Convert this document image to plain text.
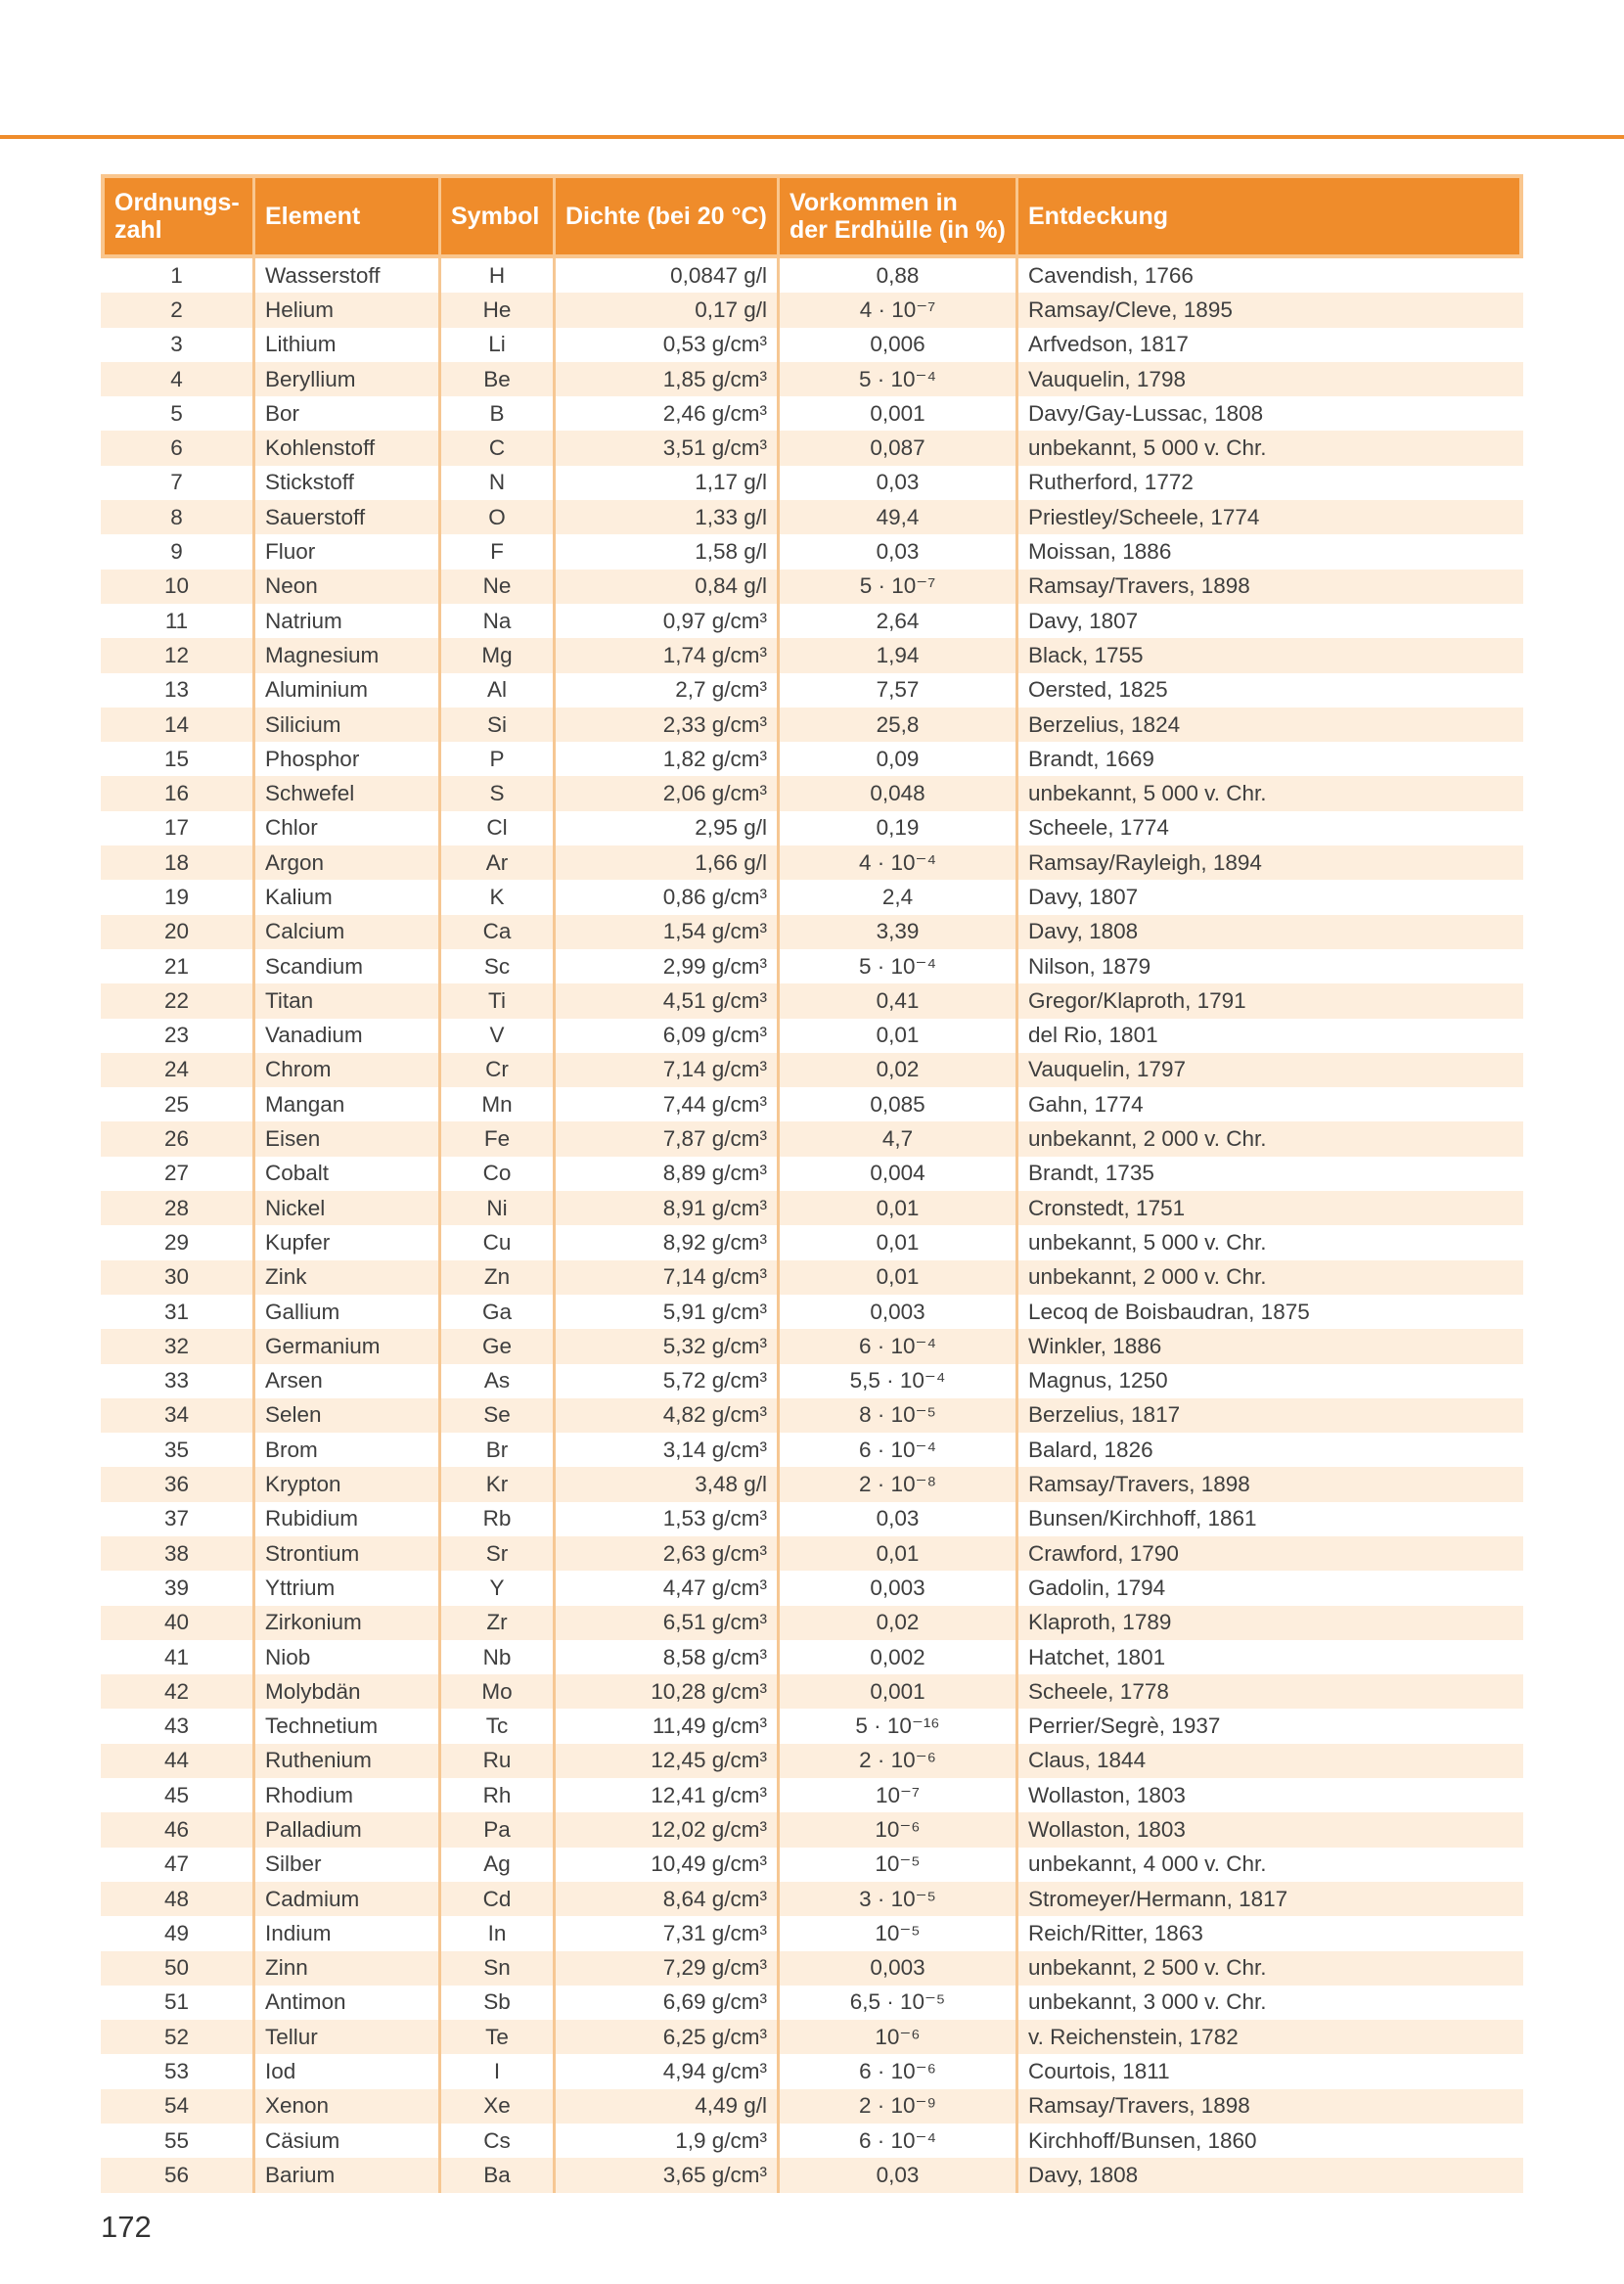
Ordnungs-
zahl	Element	Symbol	Dichte (bei 20 °C)	Vorkommen in
der Erdhülle (in %)	Entdeckung
1	Wasserstoff	H	0,0847 g/l	0,88	Cavendish, 1766
2	Helium	He	0,17 g/l	4 · 10⁻⁷	Ramsay/Cleve, 1895
3	Lithium	Li	0,53 g/cm³	0,006	Arfvedson, 1817
4	Beryllium	Be	1,85 g/cm³	5 · 10⁻⁴	Vauquelin, 1798
5	Bor	B	2,46 g/cm³	0,001	Davy/Gay-Lussac, 1808
6	Kohlenstoff	C	3,51 g/cm³	0,087	unbekannt, 5 000 v. Chr.
7	Stickstoff	N	1,17 g/l	0,03	Rutherford, 1772
8	Sauerstoff	O	1,33 g/l	49,4	Priestley/Scheele, 1774
9	Fluor	F	1,58 g/l	0,03	Moissan, 1886
10	Neon	Ne	0,84 g/l	5 · 10⁻⁷	Ramsay/Travers, 1898
11	Natrium	Na	0,97 g/cm³	2,64	Davy, 1807
12	Magnesium	Mg	1,74 g/cm³	1,94	Black, 1755
13	Aluminium	Al	2,7 g/cm³	7,57	Oersted, 1825
14	Silicium	Si	2,33 g/cm³	25,8	Berzelius, 1824
15	Phosphor	P	1,82 g/cm³	0,09	Brandt, 1669
16	Schwefel	S	2,06 g/cm³	0,048	unbekannt, 5 000 v. Chr.
17	Chlor	Cl	2,95 g/l	0,19	Scheele, 1774
18	Argon	Ar	1,66 g/l	4 · 10⁻⁴	Ramsay/Rayleigh, 1894
19	Kalium	K	0,86 g/cm³	2,4	Davy, 1807
20	Calcium	Ca	1,54 g/cm³	3,39	Davy, 1808
21	Scandium	Sc	2,99 g/cm³	5 · 10⁻⁴	Nilson, 1879
22	Titan	Ti	4,51 g/cm³	0,41	Gregor/Klaproth, 1791
23	Vanadium	V	6,09 g/cm³	0,01	del Rio, 1801
24	Chrom	Cr	7,14 g/cm³	0,02	Vauquelin, 1797
25	Mangan	Mn	7,44 g/cm³	0,085	Gahn, 1774
26	Eisen	Fe	7,87 g/cm³	4,7	unbekannt, 2 000 v. Chr.
27	Cobalt	Co	8,89 g/cm³	0,004	Brandt, 1735
28	Nickel	Ni	8,91 g/cm³	0,01	Cronstedt, 1751
29	Kupfer	Cu	8,92 g/cm³	0,01	unbekannt, 5 000 v. Chr.
30	Zink	Zn	7,14 g/cm³	0,01	unbekannt, 2 000 v. Chr.
31	Gallium	Ga	5,91 g/cm³	0,003	Lecoq de Boisbaudran, 1875
32	Germanium	Ge	5,32 g/cm³	6 · 10⁻⁴	Winkler, 1886
33	Arsen	As	5,72 g/cm³	5,5 · 10⁻⁴	Magnus, 1250
34	Selen	Se	4,82 g/cm³	8 · 10⁻⁵	Berzelius, 1817
35	Brom	Br	3,14 g/cm³	6 · 10⁻⁴	Balard, 1826
36	Krypton	Kr	3,48 g/l	2 · 10⁻⁸	Ramsay/Travers, 1898
37	Rubidium	Rb	1,53 g/cm³	0,03	Bunsen/Kirchhoff, 1861
38	Strontium	Sr	2,63 g/cm³	0,01	Crawford, 1790
39	Yttrium	Y	4,47 g/cm³	0,003	Gadolin, 1794
40	Zirkonium	Zr	6,51 g/cm³	0,02	Klaproth, 1789
41	Niob	Nb	8,58 g/cm³	0,002	Hatchet, 1801
42	Molybdän	Mo	10,28 g/cm³	0,001	Scheele, 1778
43	Technetium	Tc	11,49 g/cm³	5 · 10⁻¹⁶	Perrier/Segrè, 1937
44	Ruthenium	Ru	12,45 g/cm³	2 · 10⁻⁶	Claus, 1844
45	Rhodium	Rh	12,41 g/cm³	10⁻⁷	Wollaston, 1803
46	Palladium	Pa	12,02 g/cm³	10⁻⁶	Wollaston, 1803
47	Silber	Ag	10,49 g/cm³	10⁻⁵	unbekannt, 4 000 v. Chr.
48	Cadmium	Cd	8,64 g/cm³	3 · 10⁻⁵	Stromeyer/Hermann, 1817
49	Indium	In	7,31 g/cm³	10⁻⁵	Reich/Ritter, 1863
50	Zinn	Sn	7,29 g/cm³	0,003	unbekannt, 2 500 v. Chr.
51	Antimon	Sb	6,69 g/cm³	6,5 · 10⁻⁵	unbekannt, 3 000 v. Chr.
52	Tellur	Te	6,25 g/cm³	10⁻⁶	v. Reichenstein, 1782
53	Iod	I	4,94 g/cm³	6 · 10⁻⁶	Courtois, 1811
54	Xenon	Xe	4,49 g/l	2 · 10⁻⁹	Ramsay/Travers, 1898
55	Cäsium	Cs	1,9 g/cm³	6 · 10⁻⁴	Kirchhoff/Bunsen, 1860
56	Barium	Ba	3,65 g/cm³	0,03	Davy, 1808
172
